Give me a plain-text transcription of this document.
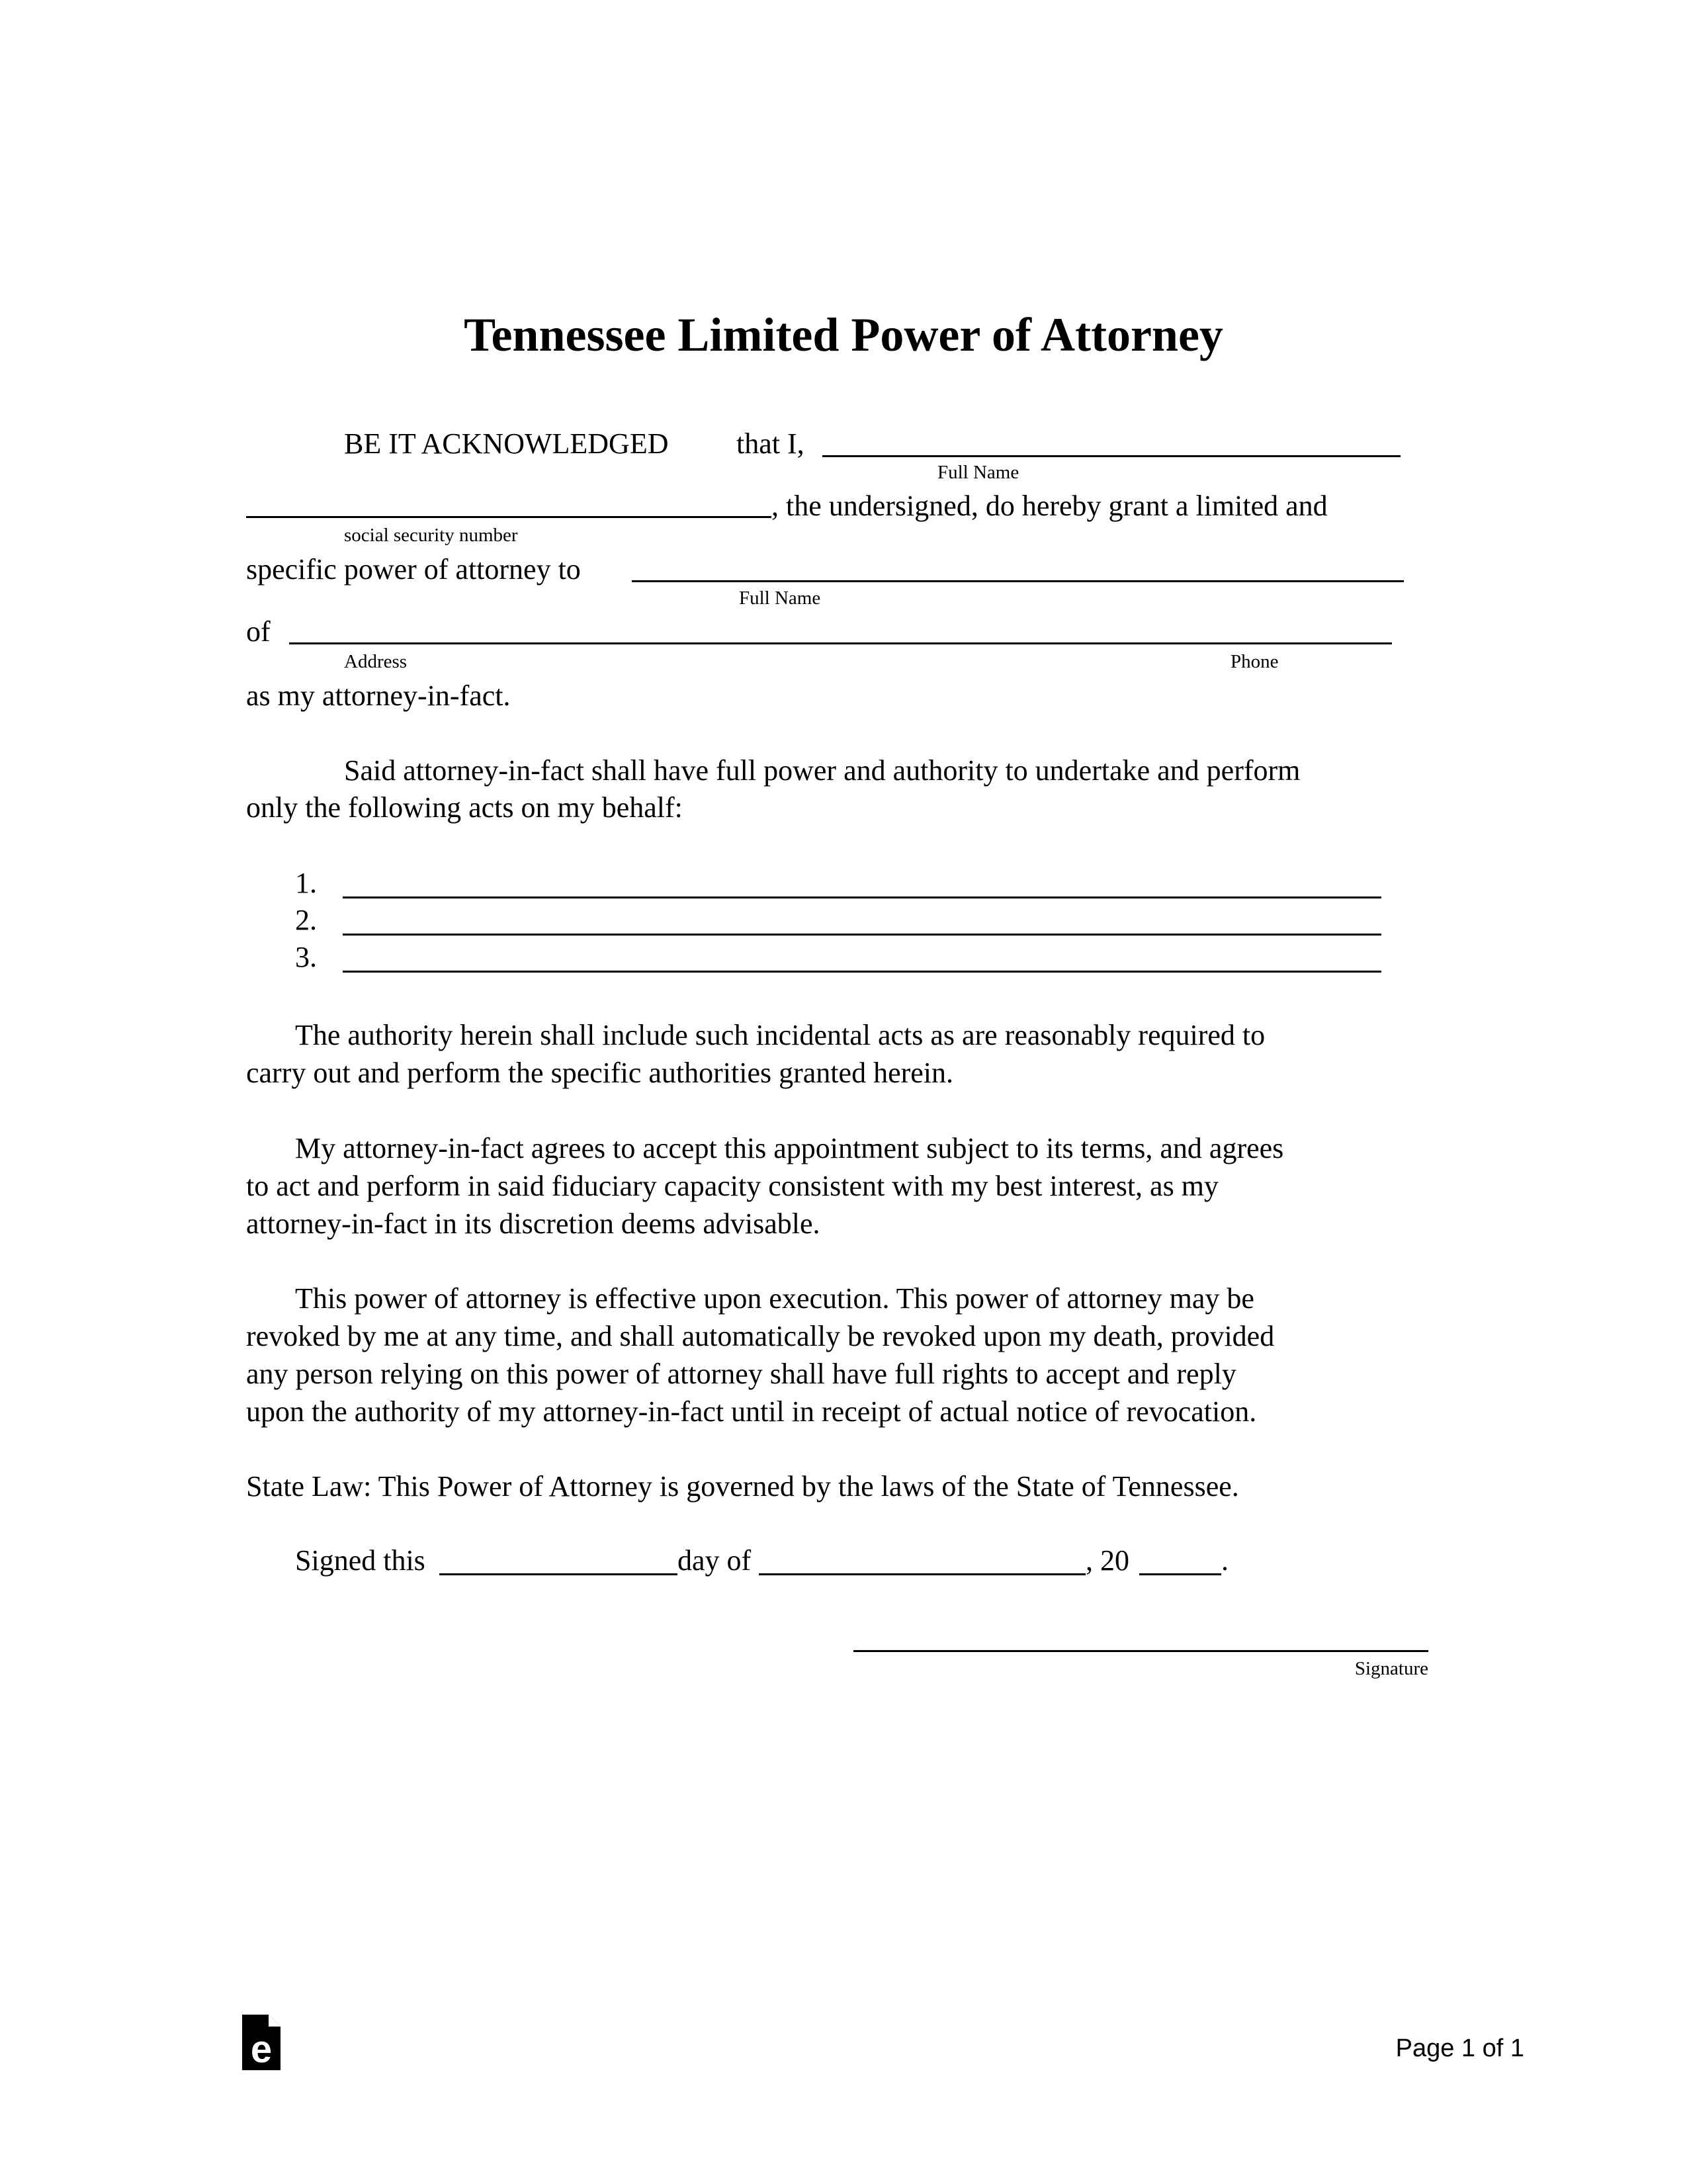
Tennessee Limited Power of Attorney
BE IT ACKNOWLEDGED that I,
Full Name
, the undersigned, do hereby grant a limited and
social security number
specific power of attorney to
Full Name
of
Address	Phone
as my attorney-in-fact.
Said attorney-in-fact shall have full power and authority to undertake and perform
only the following acts on my behalf:
1.
2.
3.
The authority herein shall include such incidental acts as are reasonably required to
carry out and perform the specific authorities granted herein.
My attorney-in-fact agrees to accept this appointment subject to its terms, and agrees
to act and perform in said fiduciary capacity consistent with my best interest, as my
attorney-in-fact in its discretion deems advisable.
This power of attorney is effective upon execution. This power of attorney may be
revoked by me at any time, and shall automatically be revoked upon my death, provided
any person relying on this power of attorney shall have full rights to accept and reply
upon the authority of my attorney-in-fact until in receipt of actual notice of revocation.
State Law: This Power of Attorney is governed by the laws of the State of Tennessee.
Signed this	day of	, 20	.
Signature
e	Page 1 of 1
